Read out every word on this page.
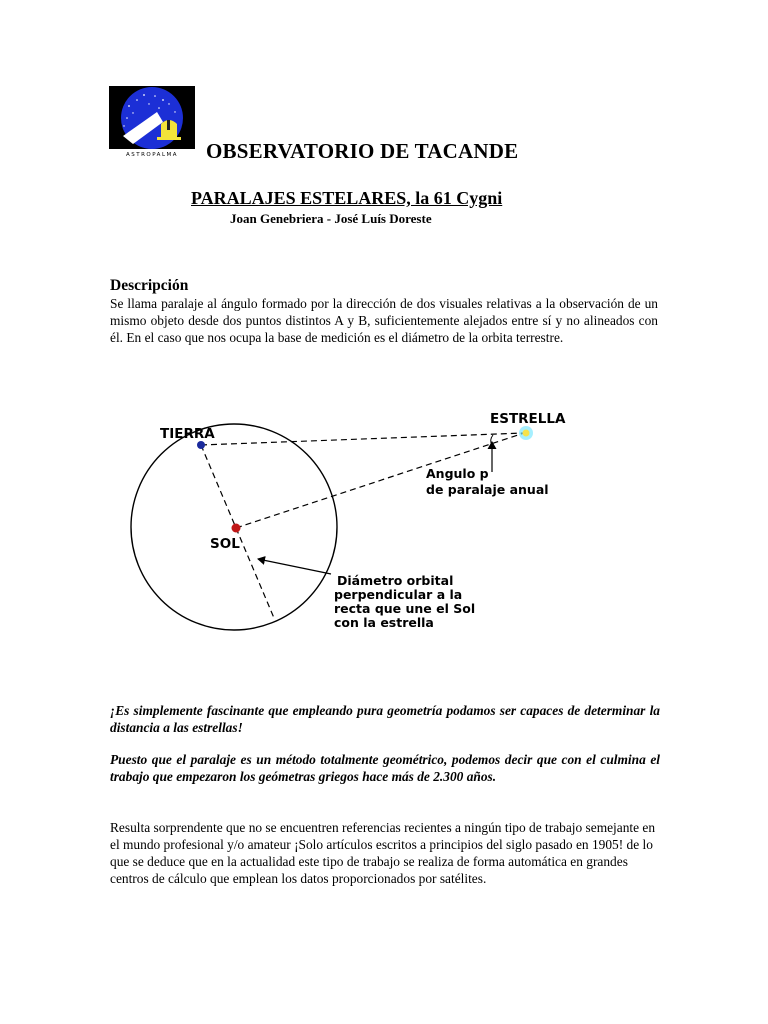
ASTROPALMA OBSERVATORIO DE TACANDE
PARALAJES ESTELARES, la 61 Cygni
Joan Genebriera - José Luís Doreste
Descripción

Se llama paralaje al ángulo formado por la dirección de dos visuales relativas a la observación de un mismo objeto desde dos puntos distintos A y B, suficientemente alejados entre sí y no alineados con él. En el caso que nos ocupa la base de medición es el diámetro de la orbita terrestre.

TIERRA
ESTRELLA
SOL
Angulo p
de paralaje anual
Diámetro orbital
perpendicular a la
recta que une el Sol
con la estrella

¡Es simplemente fascinante que empleando pura geometría podamos ser capaces de determinar la distancia a las estrellas!

Puesto que el paralaje es un método totalmente geométrico, podemos decir que con el culmina el trabajo que empezaron los geómetras griegos hace más de 2.300 años.

Resulta sorprendente que no se encuentren referencias recientes a ningún tipo de trabajo semejante en el mundo profesional y/o amateur ¡Solo artículos escritos a principios del siglo pasado en 1905! de lo que se deduce que en la actualidad este tipo de trabajo se realiza de forma automática en grandes centros de cálculo que emplean los datos proporcionados por satélites.
